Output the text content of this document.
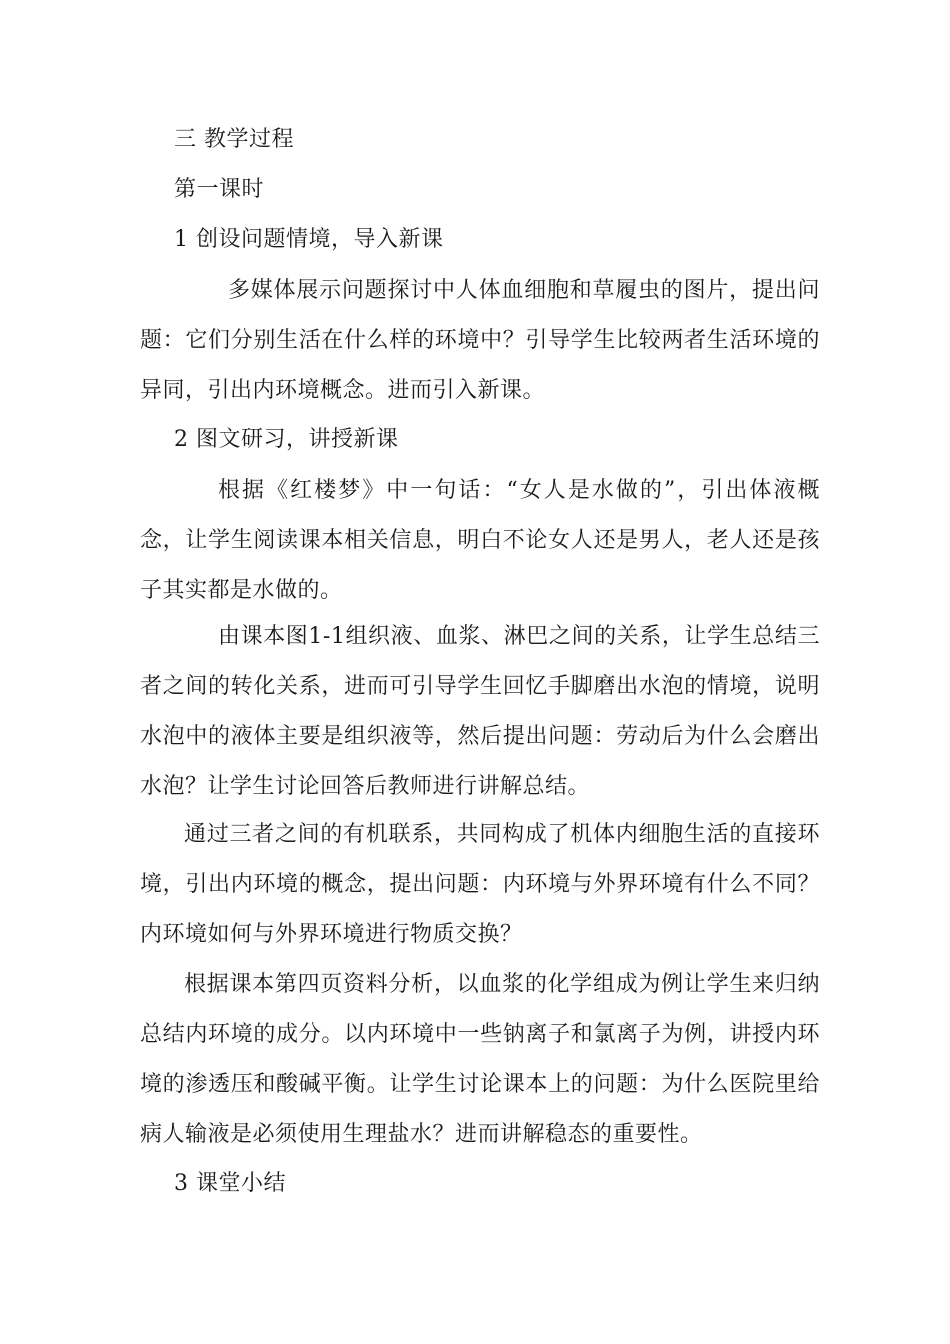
三 教学过程
第一课时
1 创设问题情境，导入新课
多媒体展示问题探讨中人体血细胞和草履虫的图片，提出问题：它们分别生活在什么样的环境中？引导学生比较两者生活环境的异同，引出内环境概念。进而引入新课。
2 图文研习，讲授新课
根据《红楼梦》中一句话：“女人是水做的”，引出体液概念，让学生阅读课本相关信息，明白不论女人还是男人，老人还是孩子其实都是水做的。
由课本图1-1组织液、血浆、淋巴之间的关系，让学生总结三者之间的转化关系，进而可引导学生回忆手脚磨出水泡的情境，说明水泡中的液体主要是组织液等，然后提出问题：劳动后为什么会磨出水泡？让学生讨论回答后教师进行讲解总结。
通过三者之间的有机联系，共同构成了机体内细胞生活的直接环境，引出内环境的概念，提出问题：内环境与外界环境有什么不同？内环境如何与外界环境进行物质交换？
根据课本第四页资料分析，以血浆的化学组成为例让学生来归纳总结内环境的成分。以内环境中一些钠离子和氯离子为例，讲授内环境的渗透压和酸碱平衡。让学生讨论课本上的问题：为什么医院里给病人输液是必须使用生理盐水？进而讲解稳态的重要性。
3 课堂小结
